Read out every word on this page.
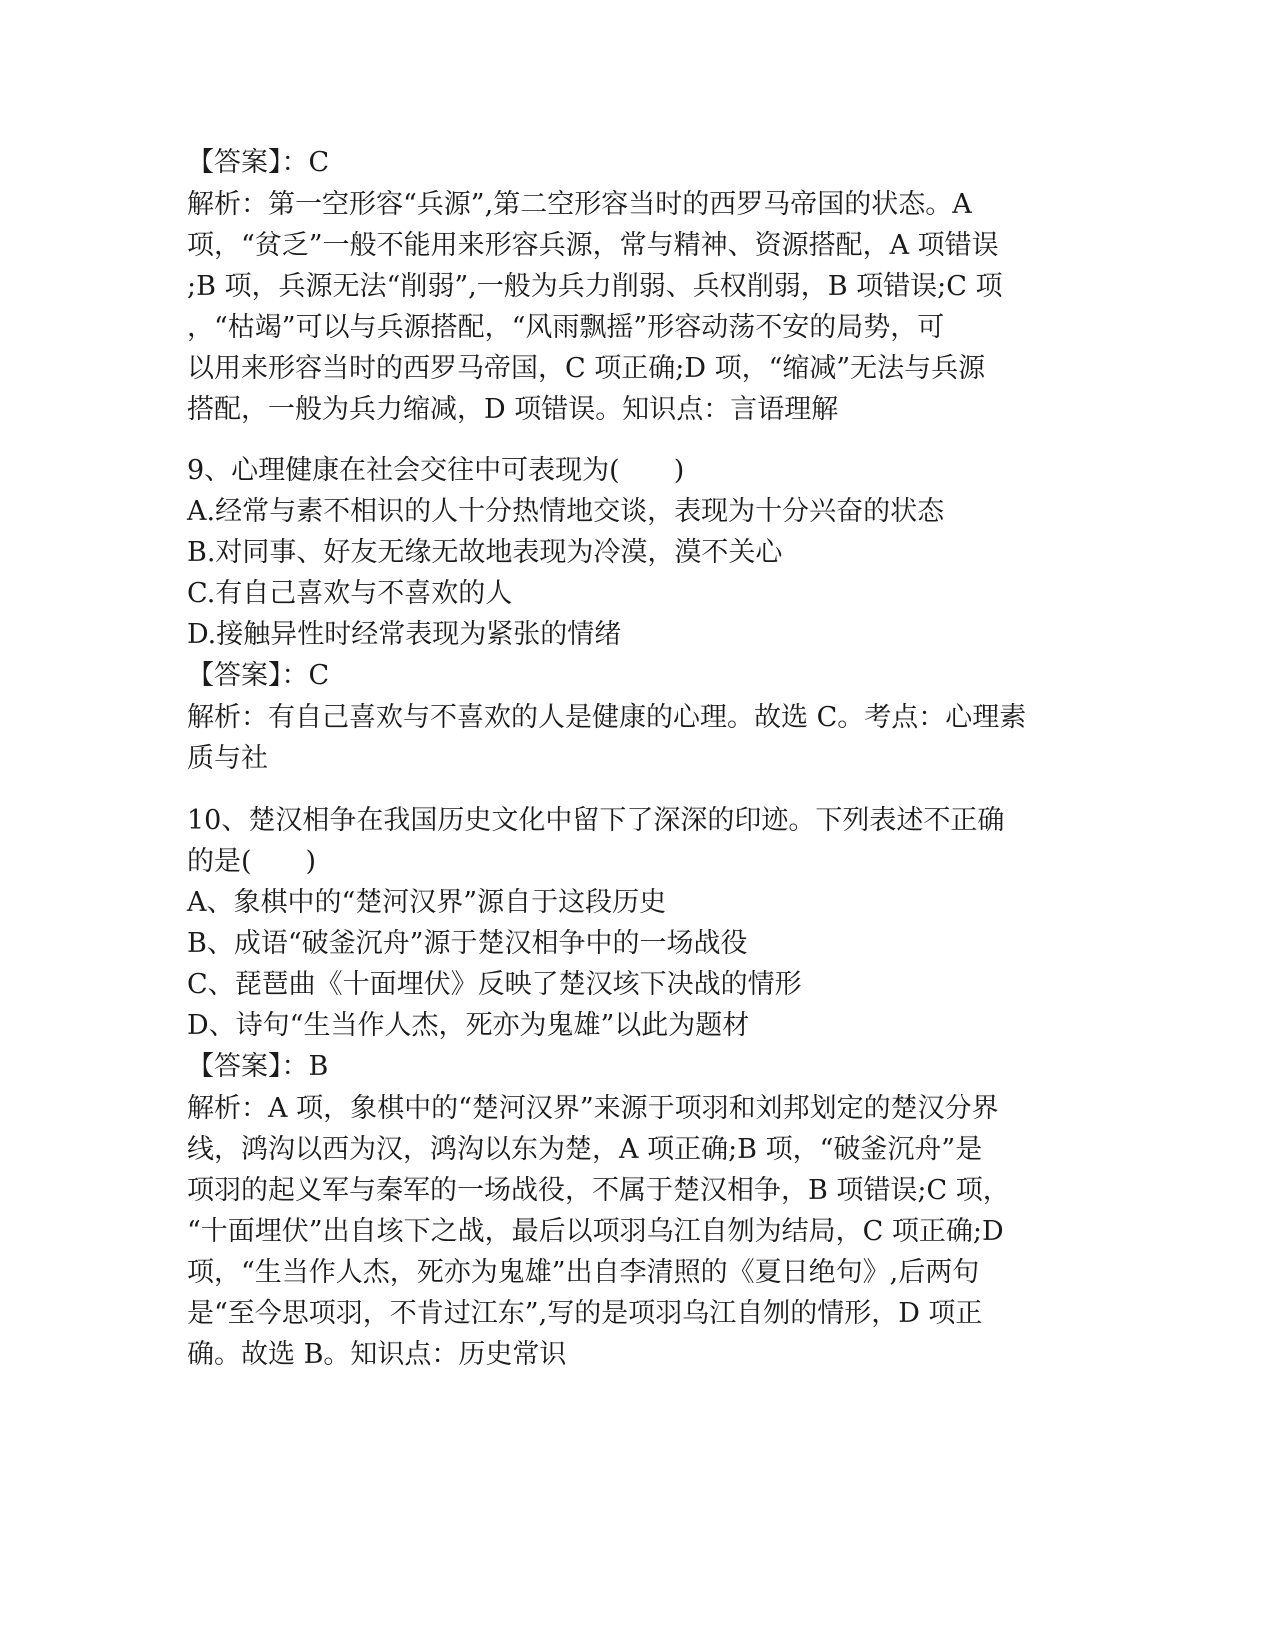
【答案】：C
解析：第一空形容“兵源”,第二空形容当时的西罗马帝国的状态。A
项，“贫乏”一般不能用来形容兵源，常与精神、资源搭配，A 项错误
;B 项，兵源无法“削弱”,一般为兵力削弱、兵权削弱，B 项错误;C 项
，“枯竭”可以与兵源搭配，“风雨飘摇”形容动荡不安的局势，可
以用来形容当时的西罗马帝国，C 项正确;D 项，“缩减”无法与兵源
搭配，一般为兵力缩减，D 项错误。知识点：言语理解
9、心理健康在社会交往中可表现为(　　)
A.经常与素不相识的人十分热情地交谈，表现为十分兴奋的状态
B.对同事、好友无缘无故地表现为冷漠，漠不关心
C.有自己喜欢与不喜欢的人
D.接触异性时经常表现为紧张的情绪
【答案】：C
解析：有自己喜欢与不喜欢的人是健康的心理。故选 C。考点：心理素
质与社
10、楚汉相争在我国历史文化中留下了深深的印迹。下列表述不正确
的是(　　)
A、象棋中的“楚河汉界”源自于这段历史
B、成语“破釜沉舟”源于楚汉相争中的一场战役
C、琵琶曲《十面埋伏》反映了楚汉垓下决战的情形
D、诗句“生当作人杰，死亦为鬼雄”以此为题材
【答案】：B
解析：A 项，象棋中的“楚河汉界”来源于项羽和刘邦划定的楚汉分界
线，鸿沟以西为汉，鸿沟以东为楚，A 项正确;B 项，“破釜沉舟”是
项羽的起义军与秦军的一场战役，不属于楚汉相争，B 项错误;C 项，
“十面埋伏”出自垓下之战，最后以项羽乌江自刎为结局，C 项正确;D
项，“生当作人杰，死亦为鬼雄”出自李清照的《夏日绝句》,后两句
是“至今思项羽，不肯过江东”,写的是项羽乌江自刎的情形，D 项正
确。故选 B。知识点：历史常识
